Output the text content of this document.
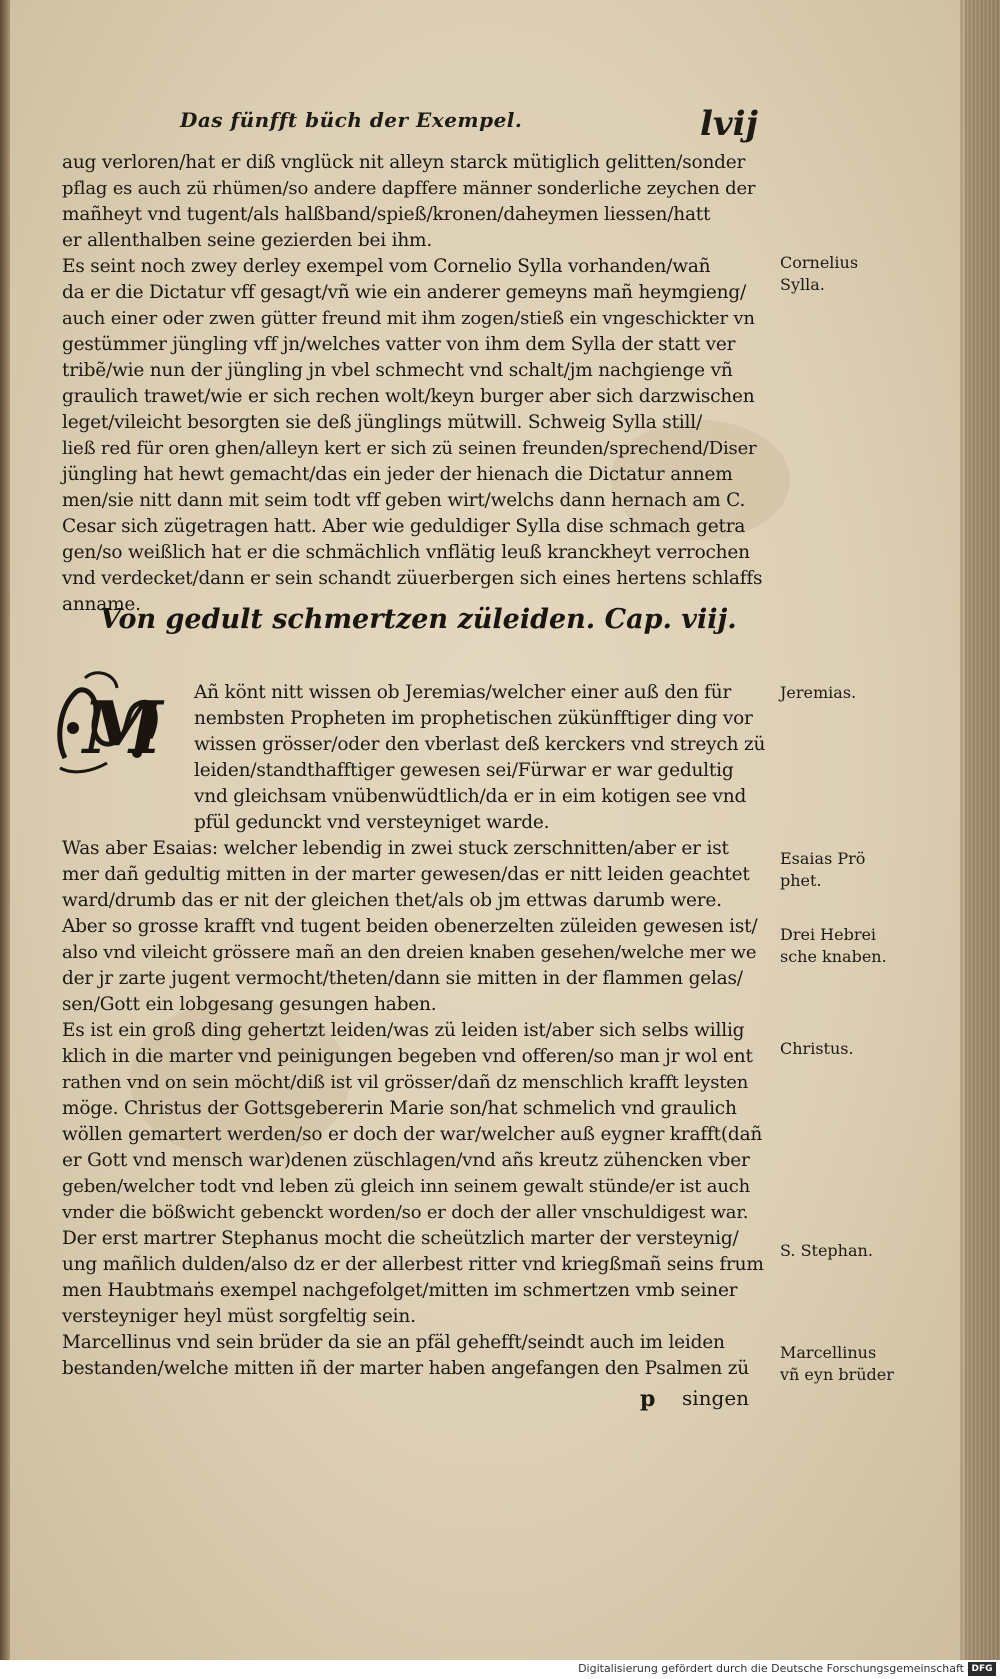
Das fünfft büch der Exempel.	lvij
aug verloren/hat er diß vnglück nit alleyn starck mütiglich gelitten/sonder
pflag es auch zü rhümen/so andere dapffere männer sonderliche zeychen der
mañheyt vnd tugent/als halßband/spieß/kronen/daheymen liessen/hatt
er allenthalben seine gezierden bei ihm.
Es seint noch zwey derley exempel vom Cornelio Sylla vorhanden/wañ
da er die Dictatur vff gesagt/vñ wie ein anderer gemeyns mañ heymgieng/
auch einer oder zwen gütter freund mit ihm zogen/stieß ein vngeschickter vn
gestümmer jüngling vff jn/welches vatter von ihm dem Sylla der statt ver
tribẽ/wie nun der jüngling jn vbel schmecht vnd schalt/jm nachgienge vñ
graulich trawet/wie er sich rechen wolt/keyn burger aber sich darzwischen
leget/vileicht besorgten sie deß jünglings mütwill. Schweig Sylla still/
ließ red für oren ghen/alleyn kert er sich zü seinen freunden/sprechend/Diser
jüngling hat hewt gemacht/das ein jeder der hienach die Dictatur annem
men/sie nitt dann mit seim todt vff geben wirt/welchs dann hernach am C.
Cesar sich zügetragen hatt. Aber wie geduldiger Sylla dise schmach getra
gen/so weißlich hat er die schmächlich vnflätig leuß kranckheyt verrochen
vnd verdecket/dann er sein schandt züuerbergen sich eines hertens schlaffs
anname.
Añ könt nitt wissen ob Jeremias/welcher einer auß den für
nembsten Propheten im prophetischen zükünfftiger ding vor
wissen grösser/oder den vberlast deß kerckers vnd streych zü
leiden/standthafftiger gewesen sei/Fürwar er war gedultig
vnd gleichsam vnübenwüdtlich/da er in eim kotigen see vnd
pfül gedunckt vnd versteyniget warde.
Was aber Esaias: welcher lebendig in zwei stuck zerschnitten/aber er ist
mer dañ gedultig mitten in der marter gewesen/das er nitt leiden geachtet
ward/drumb das er nit der gleichen thet/als ob jm ettwas darumb were.
Aber so grosse krafft vnd tugent beiden obenerzelten züleiden gewesen ist/
also vnd vileicht grössere mañ an den dreien knaben gesehen/welche mer we
der jr zarte jugent vermocht/theten/dann sie mitten in der flammen gelas/
sen/Gott ein lobgesang gesungen haben.
Es ist ein groß ding gehertzt leiden/was zü leiden ist/aber sich selbs willig
klich in die marter vnd peinigungen begeben vnd offeren/so man jr wol ent
rathen vnd on sein möcht/diß ist vil grösser/dañ dz menschlich krafft leysten
möge. Christus der Gottsgebererin Marie son/hat schmelich vnd graulich
wöllen gemartert werden/so er doch der war/welcher auß eygner krafft(dañ
er Gott vnd mensch war)denen züschlagen/vnd añs kreutz zühencken vber
geben/welcher todt vnd leben zü gleich inn seinem gewalt stünde/er ist auch
vnder die bößwicht gebenckt worden/so er doch der aller vnschuldigest war.
Der erst martrer Stephanus mocht die scheützlich marter der versteynig/
ung mañlich dulden/also dz er der allerbest ritter vnd kriegßmañ seins frum
men Haubtmaṅs exempel nachgefolget/mitten im schmertzen vmb seiner
versteyniger heyl müst sorgfeltig sein.
Marcellinus vnd sein brüder da sie an pfäl gehefft/seindt auch im leiden
bestanden/welche mitten iñ der marter haben angefangen den Psalmen zü
Von gedult schmertzen züleiden. Cap. viij.
M
Cornelius
Sylla.
Jeremias.
Esaias Prö
phet.
Drei Hebrei
sche knaben.
Christus.
S. Stephan.
Marcellinus
vñ eyn brüder
p singen
Digitalisierung gefördert durch die Deutsche Forschungsgemeinschaft DFG
